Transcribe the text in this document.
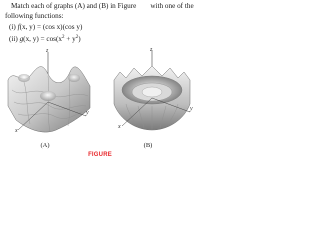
Match each of graphs (A) and (B) in Figure with one of the
following functions:
(i) f(x, y) = (cos x)(cos y)
(ii) g(x, $y) = \cos(x^2 + y^2)$
z
x
y
z
x
y
(A)	(B)
FIGURE
